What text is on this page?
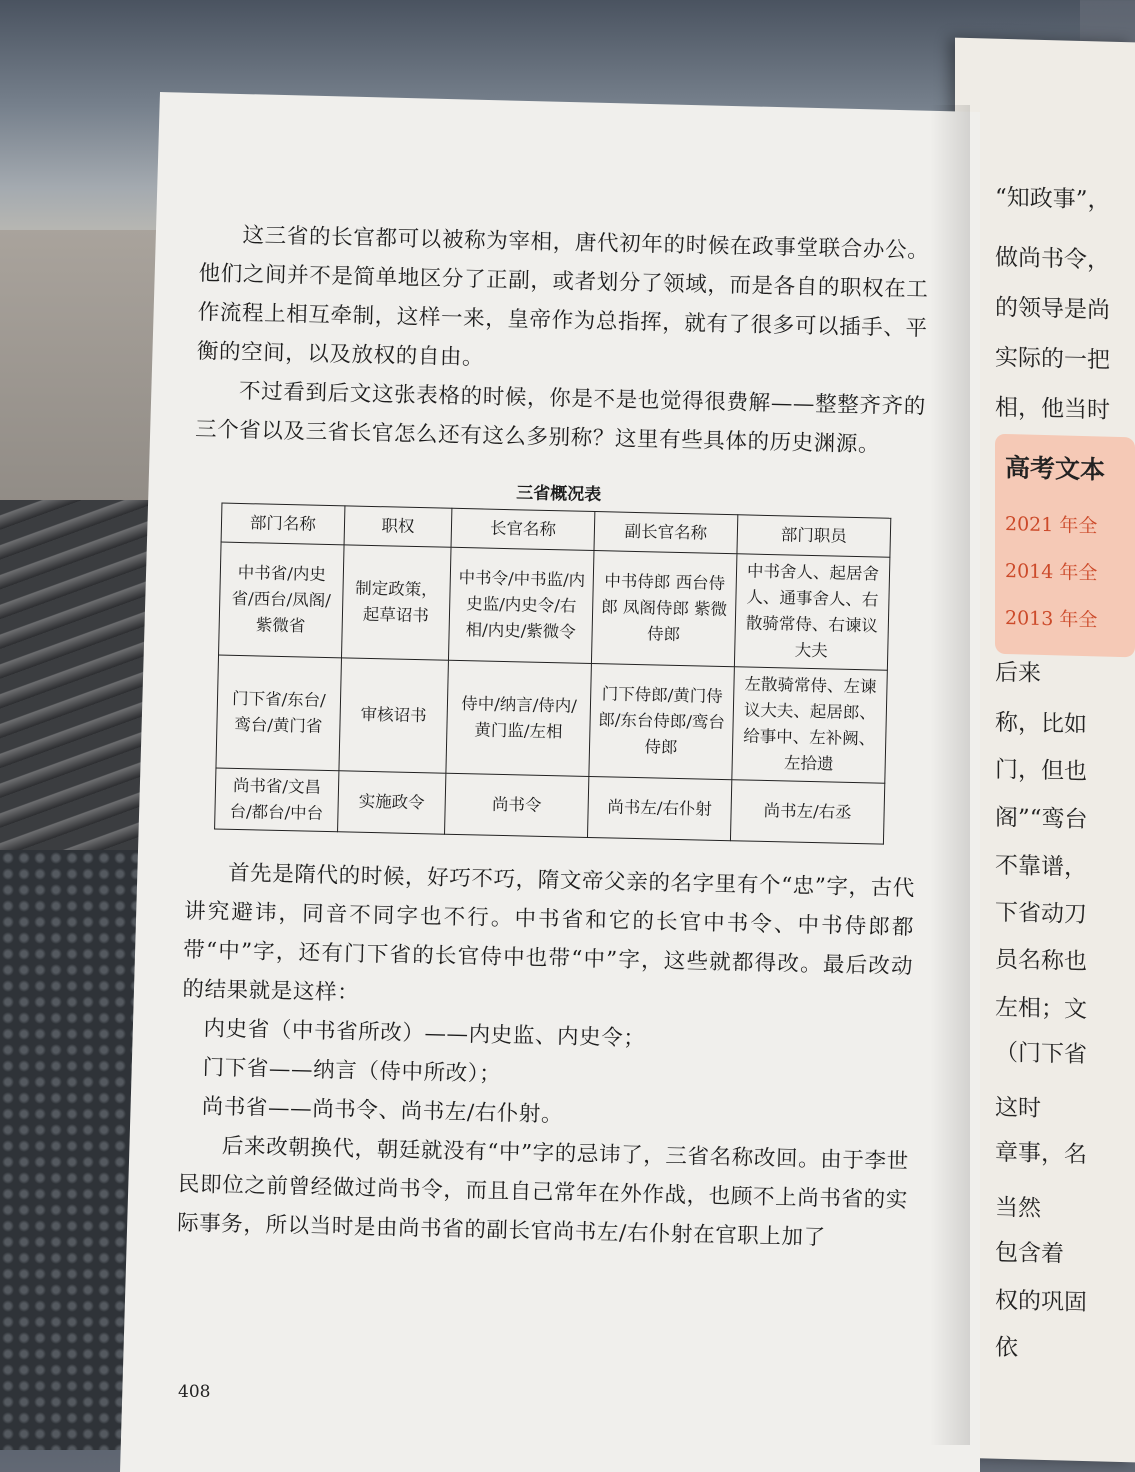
“知政事”，
做尚书令，
的领导是尚
实际的一把
相，他当时
高考文本
2021 年全
2014 年全
2013 年全
后来
称，比如
门，但也
阁”“鸾台
不靠谱，
下省动刀
员名称也
左相；文
（门下省
这时
章事，名
当然
包含着
权的巩固
依

这三省的长官都可以被称为宰相，唐代初年的时候在政事堂联合办公。他们之间并不是简单地区分了正副，或者划分了领域，而是各自的职权在工作流程上相互牵制，这样一来，皇帝作为总指挥，就有了很多可以插手、平衡的空间，以及放权的自由。

不过看到后文这张表格的时候，你是不是也觉得很费解——整整齐齐的三个省以及三省长官怎么还有这么多别称？这里有些具体的历史渊源。

三省概况表
部门名称	职权	长官名称	副长官名称	部门职员
中书省/内史省/西台/凤阁/紫微省	制定政策，起草诏书	中书令/中书监/内史监/内史令/右相/内史/紫微令	中书侍郎 西台侍郎 凤阁侍郎 紫微侍郎	中书舍人、起居舍人、通事舍人、右散骑常侍、右谏议大夫
门下省/东台/鸾台/黄门省	审核诏书	侍中/纳言/侍内/黄门监/左相	门下侍郎/黄门侍郎/东台侍郎/鸾台侍郎	左散骑常侍、左谏议大夫、起居郎、给事中、左补阙、左拾遗
尚书省/文昌台/都台/中台	实施政令	尚书令	尚书左/右仆射	尚书左/右丞

首先是隋代的时候，好巧不巧，隋文帝父亲的名字里有个“忠”字，古代讲究避讳，同音不同字也不行。中书省和它的长官中书令、中书侍郎都带“中”字，还有门下省的长官侍中也带“中”字，这些就都得改。最后改动的结果就是这样：

内史省（中书省所改）——内史监、内史令；
门下省——纳言（侍中所改）；
尚书省——尚书令、尚书左/右仆射。

后来改朝换代，朝廷就没有“中”字的忌讳了，三省名称改回。由于李世民即位之前曾经做过尚书令，而且自己常年在外作战，也顾不上尚书省的实际事务，所以当时是由尚书省的副长官尚书左/右仆射在官职上加了

408
